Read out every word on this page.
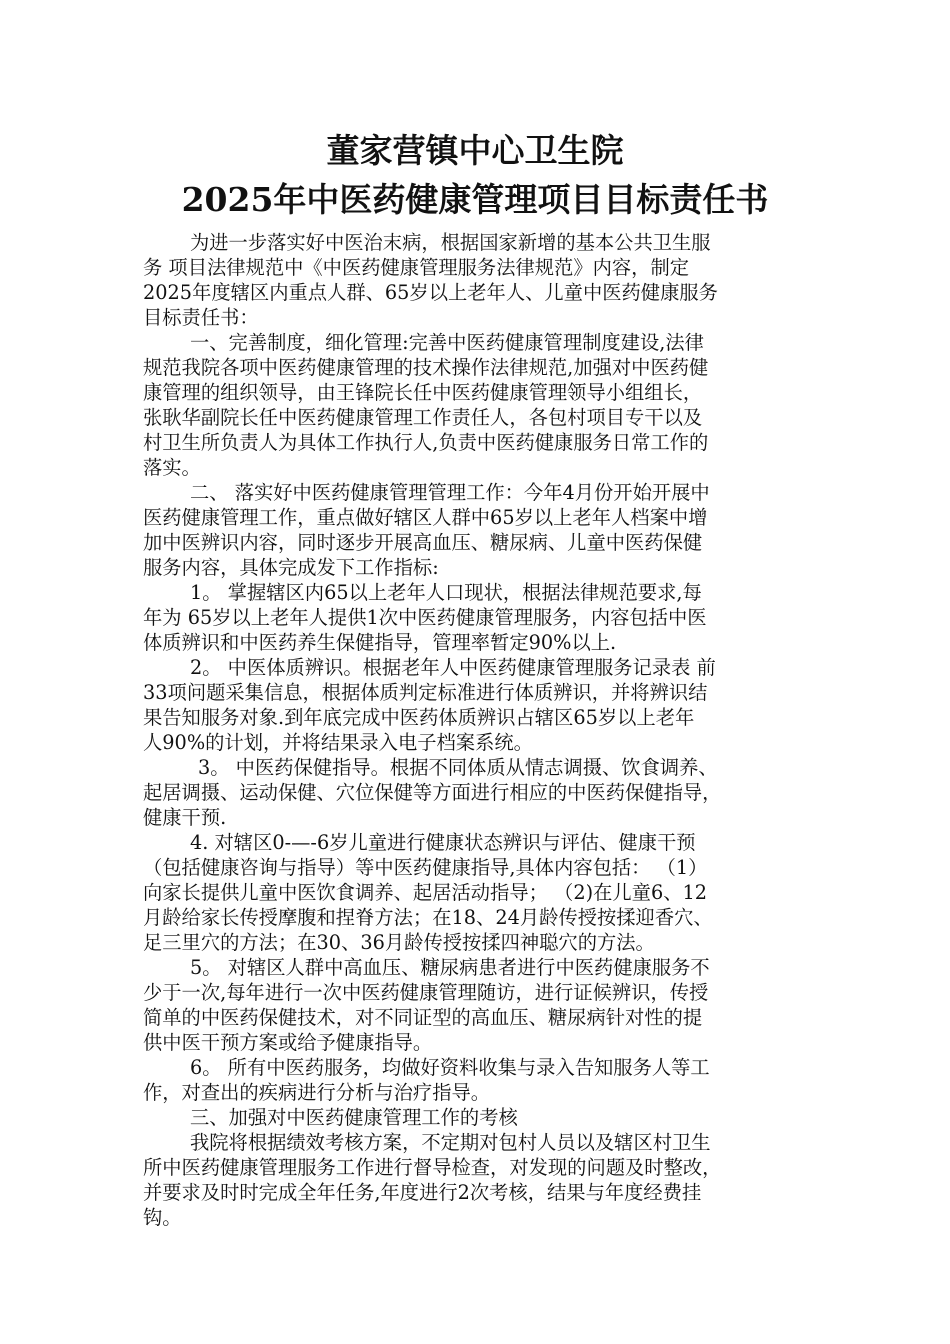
董家营镇中心卫生院
2025年中医药健康管理项目目标责任书

为进一步落实好中医治末病，根据国家新增的基本公共卫生服

务 项目法律规范中《中医药健康管理服务法律规范》内容，制定

2025年度辖区内重点人群、65岁以上老年人、儿童中医药健康服务

目标责任书：

一、完善制度，细化管理:完善中医药健康管理制度建设,法律

规范我院各项中医药健康管理的技术操作法律规范,加强对中医药健

康管理的组织领导，由王锋院长任中医药健康管理领导小组组长，

张耿华副院长任中医药健康管理工作责任人，各包村项目专干以及

村卫生所负责人为具体工作执行人,负责中医药健康服务日常工作的

落实。

二、 落实好中医药健康管理管理工作：今年4月份开始开展中

医药健康管理工作，重点做好辖区人群中65岁以上老年人档案中增

加中医辨识内容，同时逐步开展高血压、糖尿病、儿童中医药保健

服务内容，具体完成发下工作指标:

1。 掌握辖区内65以上老年人口现状，根据法律规范要求,每

年为 65岁以上老年人提供1次中医药健康管理服务，内容包括中医

体质辨识和中医药养生保健指导，管理率暂定90%以上.

2。 中医体质辨识。根据老年人中医药健康管理服务记录表 前

33项问题采集信息，根据体质判定标准进行体质辨识，并将辨识结

果告知服务对象.到年底完成中医药体质辨识占辖区65岁以上老年

人90%的计划，并将结果录入电子档案系统。

3。 中医药保健指导。根据不同体质从情志调摄、饮食调养、

起居调摄、运动保健、穴位保健等方面进行相应的中医药保健指导，

健康干预.

4. 对辖区0-—-6岁儿童进行健康状态辨识与评估、健康干预

（包括健康咨询与指导）等中医药健康指导,具体内容包括： （1）

向家长提供儿童中医饮食调养、起居活动指导； （2)在儿童6、12

月龄给家长传授摩腹和捏脊方法；在18、24月龄传授按揉迎香穴、

足三里穴的方法；在30、36月龄传授按揉四神聪穴的方法。

5。 对辖区人群中高血压、糖尿病患者进行中医药健康服务不

少于一次,每年进行一次中医药健康管理随访，进行证候辨识，传授

简单的中医药保健技术，对不同证型的高血压、糖尿病针对性的提

供中医干预方案或给予健康指导。

6。 所有中医药服务，均做好资料收集与录入告知服务人等工

作，对查出的疾病进行分析与治疗指导。

三、加强对中医药健康管理工作的考核

我院将根据绩效考核方案，不定期对包村人员以及辖区村卫生

所中医药健康管理服务工作进行督导检查，对发现的问题及时整改，

并要求及时时完成全年任务,年度进行2次考核，结果与年度经费挂

钩。
